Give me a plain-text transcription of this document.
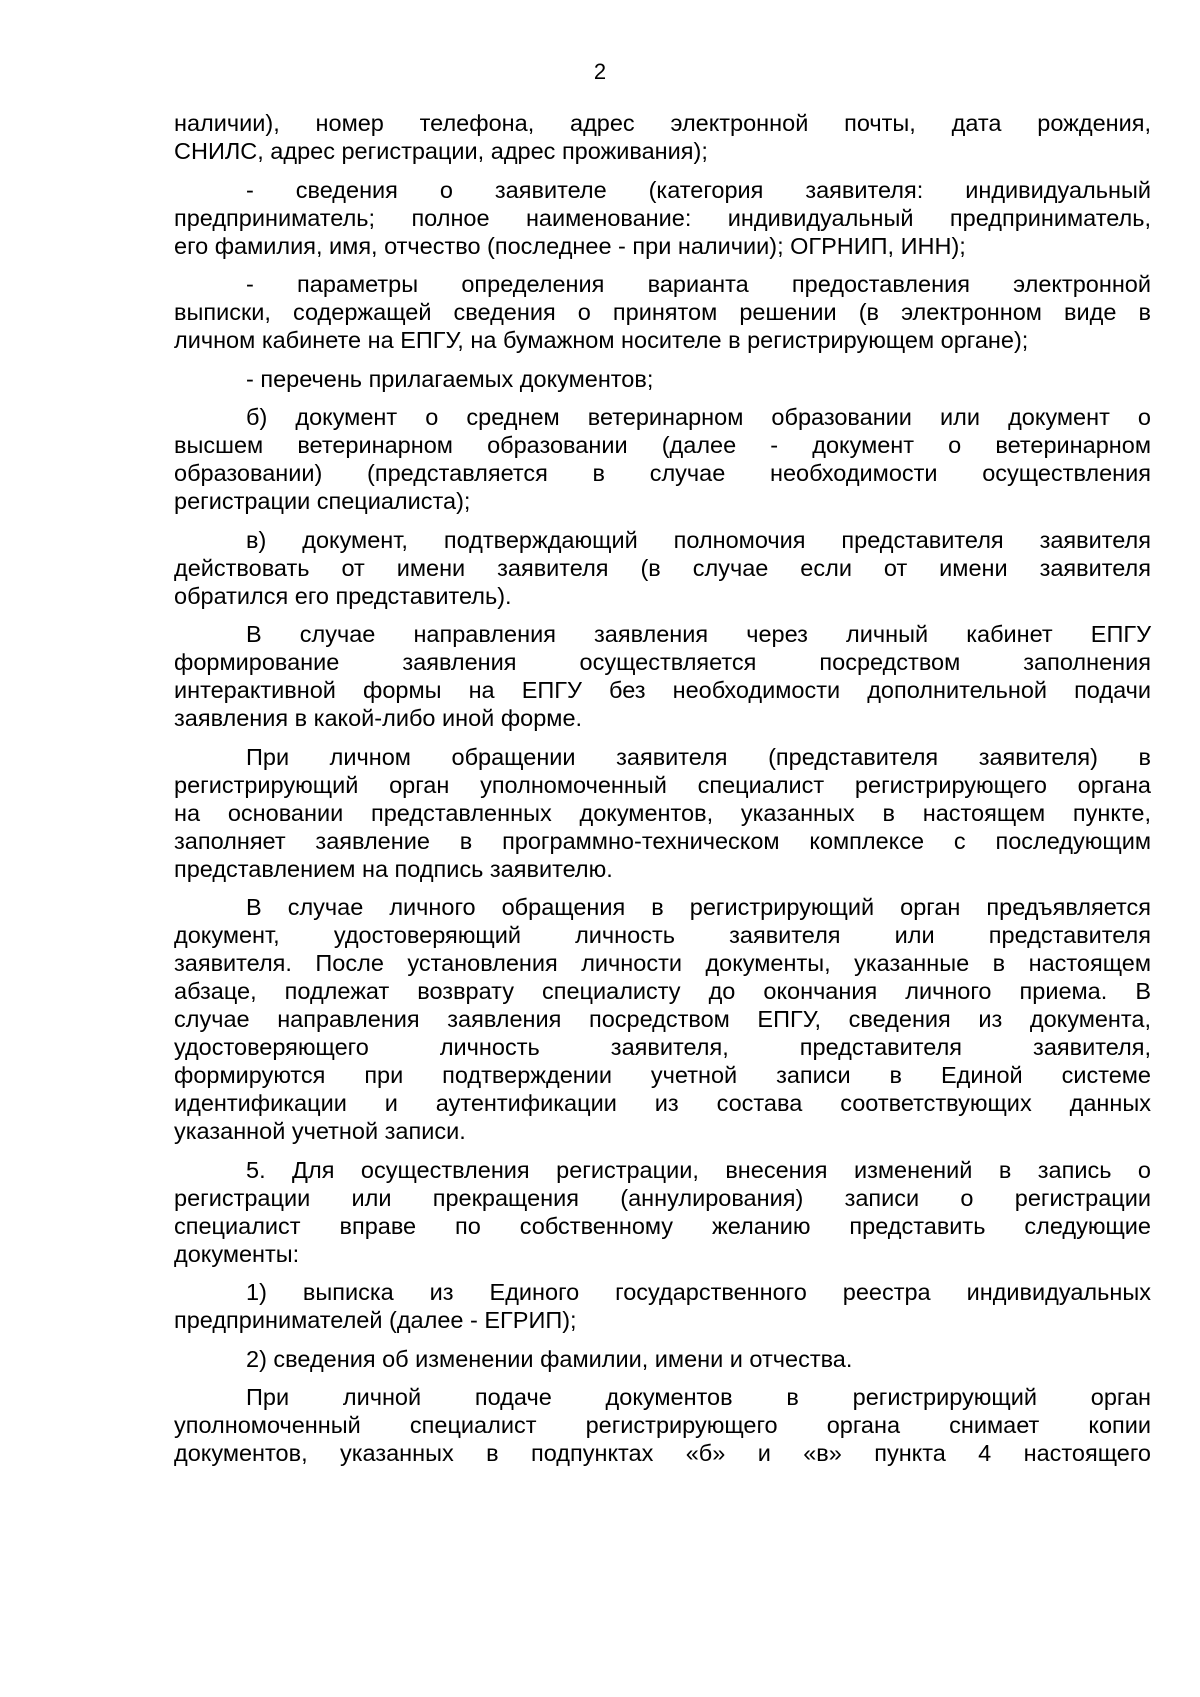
2
наличии), номер телефона, адрес электронной почты, дата рождения,
СНИЛС, адрес регистрации, адрес проживания);
- сведения о заявителе (категория заявителя: индивидуальный
предприниматель; полное наименование: индивидуальный предприниматель,
его фамилия, имя, отчество (последнее - при наличии); ОГРНИП, ИНН);
- параметры определения варианта предоставления электронной
выписки, содержащей сведения о принятом решении (в электронном виде в
личном кабинете на ЕПГУ, на бумажном носителе в регистрирующем органе);
- перечень прилагаемых документов;
б) документ о среднем ветеринарном образовании или документ о
высшем ветеринарном образовании (далее - документ о ветеринарном
образовании) (представляется в случае необходимости осуществления
регистрации специалиста);
в) документ, подтверждающий полномочия представителя заявителя
действовать от имени заявителя (в случае если от имени заявителя
обратился его представитель).
В случае направления заявления через личный кабинет ЕПГУ
формирование заявления осуществляется посредством заполнения
интерактивной формы на ЕПГУ без необходимости дополнительной подачи
заявления в какой-либо иной форме.
При личном обращении заявителя (представителя заявителя) в
регистрирующий орган уполномоченный специалист регистрирующего органа
на основании представленных документов, указанных в настоящем пункте,
заполняет заявление в программно-техническом комплексе с последующим
представлением на подпись заявителю.
В случае личного обращения в регистрирующий орган предъявляется
документ, удостоверяющий личность заявителя или представителя
заявителя. После установления личности документы, указанные в настоящем
абзаце, подлежат возврату специалисту до окончания личного приема. В
случае направления заявления посредством ЕПГУ, сведения из документа,
удостоверяющего личность заявителя, представителя заявителя,
формируются при подтверждении учетной записи в Единой системе
идентификации и аутентификации из состава соответствующих данных
указанной учетной записи.
5. Для осуществления регистрации, внесения изменений в запись о
регистрации или прекращения (аннулирования) записи о регистрации
специалист вправе по собственному желанию представить следующие
документы:
1) выписка из Единого государственного реестра индивидуальных
предпринимателей (далее - ЕГРИП);
2) сведения об изменении фамилии, имени и отчества.
При личной подаче документов в регистрирующий орган
уполномоченный специалист регистрирующего органа снимает копии
документов, указанных в подпунктах «б» и «в» пункта 4 настоящего
